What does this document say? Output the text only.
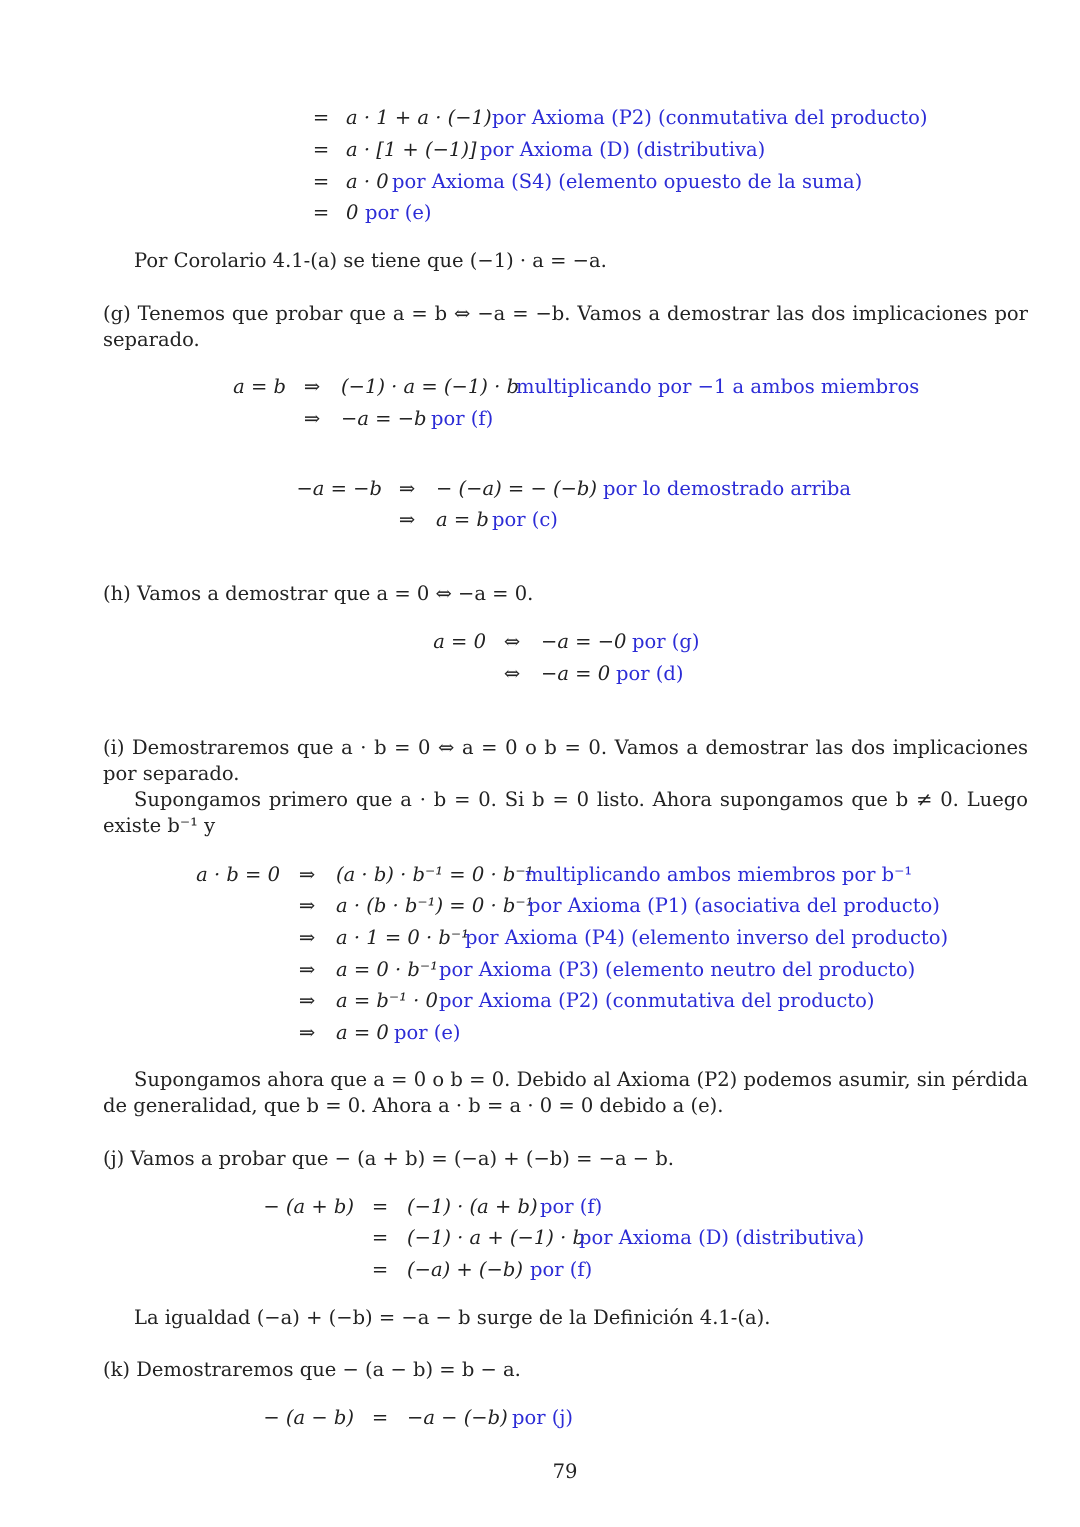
= a · 1 + a · (−1) por Axioma (P2) (conmutativa del producto)
= a · [1 + (−1)] por Axioma (D) (distributiva)
= a · 0 por Axioma (S4) (elemento opuesto de la suma)
= 0 por (e)
Por Corolario 4.1-(a) se tiene que (−1) · a = −a.
(g) Tenemos que probar que a = b ⇔ −a = −b. Vamos a demostrar las dos implicaciones por separado.
a = b ⇒ (−1) · a = (−1) · b
multiplicando por −1 a ambos miembros
⇒ −a = −b por (f)
−a = −b ⇒ − (−a) = − (−b) por lo demostrado arriba
⇒ a = b por (c)
(h) Vamos a demostrar que a = 0 ⇔ −a = 0.
a = 0 ⇔ −a = −0 por (g)
⇔ −a = 0 por (d)
(i) Demostraremos que a · b = 0 ⇔ a = 0 o b = 0. Vamos a demostrar las dos implicaciones por separado.
Supongamos primero que a · b = 0. Si b = 0 listo. Ahora supongamos que b ≠ 0. Luego existe b⁻¹ y
a · b = 0 ⇒	(a · b) · b⁻¹ = 0 · b⁻¹
multiplicando ambos miembros por b⁻¹
⇒	a · (b · b⁻¹) = 0 · b⁻¹
por Axioma (P1) (asociativa del producto)
⇒	a · 1 = 0 · b⁻¹
por Axioma (P4) (elemento inverso del producto)
⇒	a = 0 · b⁻¹ por Axioma (P3) (elemento neutro del producto)
⇒	a = b⁻¹ · 0 por Axioma (P2) (conmutativa del producto)
⇒	a = 0 por (e)
Supongamos ahora que a = 0 o b = 0. Debido al Axioma (P2) podemos asumir, sin pérdida de generalidad, que b = 0. Ahora a · b = a · 0 = 0 debido a (e).
(j) Vamos a probar que − (a + b) = (−a) + (−b) = −a − b.
− (a + b) = (−1) · (a + b) por (f)
= (−1) · a + (−1) · b
por Axioma (D) (distributiva)
= (−a) + (−b) por (f)
La igualdad (−a) + (−b) = −a − b surge de la Definición 4.1-(a).
(k) Demostraremos que − (a − b) = b − a.
− (a − b) = −a − (−b) por (j)
79
